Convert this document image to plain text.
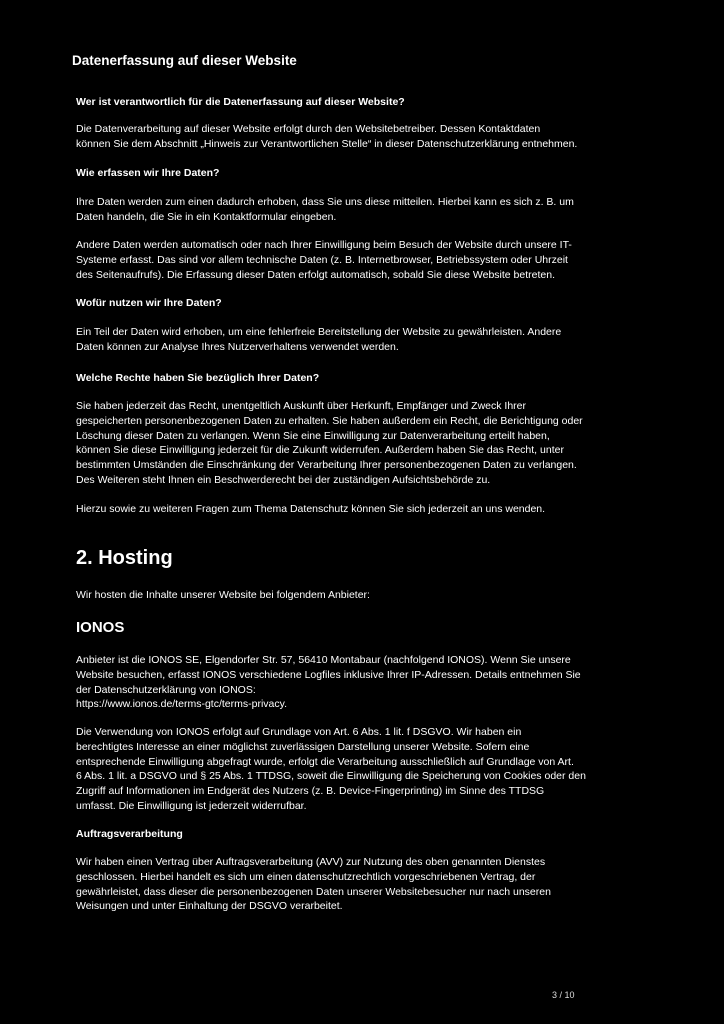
Datenerfassung auf dieser Website
Wer ist verantwortlich für die Datenerfassung auf dieser Website?
Die Datenverarbeitung auf dieser Website erfolgt durch den Websitebetreiber. Dessen Kontaktdaten
können Sie dem Abschnitt „Hinweis zur Verantwortlichen Stelle“ in dieser Datenschutzerklärung entnehmen.
Wie erfassen wir Ihre Daten?
Ihre Daten werden zum einen dadurch erhoben, dass Sie uns diese mitteilen. Hierbei kann es sich z. B. um
Daten handeln, die Sie in ein Kontaktformular eingeben.
Andere Daten werden automatisch oder nach Ihrer Einwilligung beim Besuch der Website durch unsere IT-
Systeme erfasst. Das sind vor allem technische Daten (z. B. Internetbrowser, Betriebssystem oder Uhrzeit
des Seitenaufrufs). Die Erfassung dieser Daten erfolgt automatisch, sobald Sie diese Website betreten.
Wofür nutzen wir Ihre Daten?
Ein Teil der Daten wird erhoben, um eine fehlerfreie Bereitstellung der Website zu gewährleisten. Andere
Daten können zur Analyse Ihres Nutzerverhaltens verwendet werden.
Welche Rechte haben Sie bezüglich Ihrer Daten?
Sie haben jederzeit das Recht, unentgeltlich Auskunft über Herkunft, Empfänger und Zweck Ihrer
gespeicherten personenbezogenen Daten zu erhalten. Sie haben außerdem ein Recht, die Berichtigung oder
Löschung dieser Daten zu verlangen. Wenn Sie eine Einwilligung zur Datenverarbeitung erteilt haben,
können Sie diese Einwilligung jederzeit für die Zukunft widerrufen. Außerdem haben Sie das Recht, unter
bestimmten Umständen die Einschränkung der Verarbeitung Ihrer personenbezogenen Daten zu verlangen.
Des Weiteren steht Ihnen ein Beschwerderecht bei der zuständigen Aufsichtsbehörde zu.
Hierzu sowie zu weiteren Fragen zum Thema Datenschutz können Sie sich jederzeit an uns wenden.
2. Hosting
Wir hosten die Inhalte unserer Website bei folgendem Anbieter:
IONOS
Anbieter ist die IONOS SE, Elgendorfer Str. 57, 56410 Montabaur (nachfolgend IONOS). Wenn Sie unsere
Website besuchen, erfasst IONOS verschiedene Logfiles inklusive Ihrer IP-Adressen. Details entnehmen Sie
der Datenschutzerklärung von IONOS:
https://www.ionos.de/terms-gtc/terms-privacy.
Die Verwendung von IONOS erfolgt auf Grundlage von Art. 6 Abs. 1 lit. f DSGVO. Wir haben ein
berechtigtes Interesse an einer möglichst zuverlässigen Darstellung unserer Website. Sofern eine
entsprechende Einwilligung abgefragt wurde, erfolgt die Verarbeitung ausschließlich auf Grundlage von Art.
6 Abs. 1 lit. a DSGVO und § 25 Abs. 1 TTDSG, soweit die Einwilligung die Speicherung von Cookies oder den
Zugriff auf Informationen im Endgerät des Nutzers (z. B. Device-Fingerprinting) im Sinne des TTDSG
umfasst. Die Einwilligung ist jederzeit widerrufbar.
Auftragsverarbeitung
Wir haben einen Vertrag über Auftragsverarbeitung (AVV) zur Nutzung des oben genannten Dienstes
geschlossen. Hierbei handelt es sich um einen datenschutzrechtlich vorgeschriebenen Vertrag, der
gewährleistet, dass dieser die personenbezogenen Daten unserer Websitebesucher nur nach unseren
Weisungen und unter Einhaltung der DSGVO verarbeitet.
3 / 10
